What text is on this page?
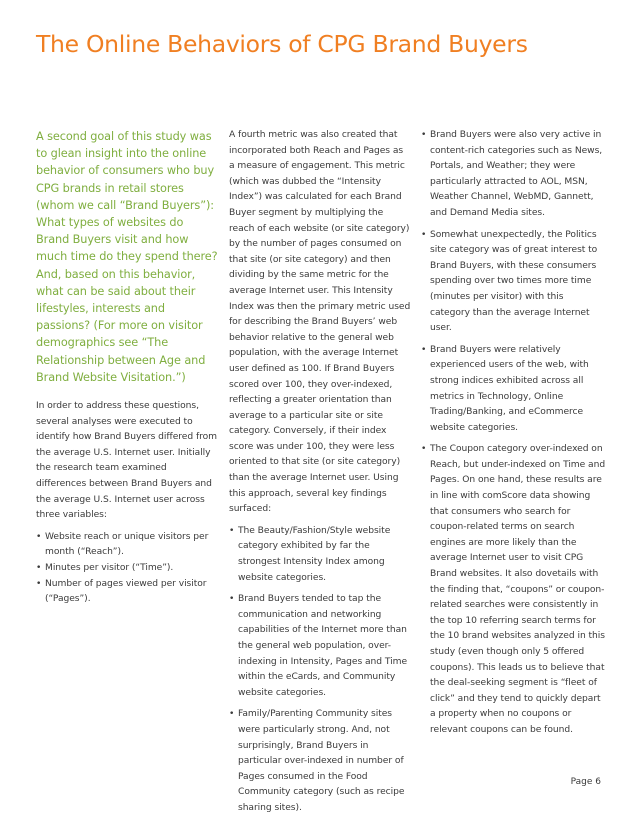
The Online Behaviors of CPG Brand Buyers

A second goal of this study was to glean insight into the online behavior of consumers who buy CPG brands in retail stores (whom we call “Brand Buyers”): What types of websites do Brand Buyers visit and how much time do they spend there? And, based on this behavior, what can be said about their lifestyles, interests and passions? (For more on visitor demographics see “The Relationship between Age and Brand Website Visitation.”)

In order to address these questions, several analyses were executed to identify how Brand Buyers differed from the average U.S. Internet user. Initially the research team examined differences between Brand Buyers and the average U.S. Internet user across three variables:

• Website reach or unique visitors per month (“Reach”).
• Minutes per visitor (“Time”).
• Number of pages viewed per visitor (“Pages”).

A fourth metric was also created that incorporated both Reach and Pages as a measure of engagement. This metric (which was dubbed the “Intensity Index”) was calculated for each Brand Buyer segment by multiplying the reach of each website (or site category) by the number of pages consumed on that site (or site category) and then dividing by the same metric for the average Internet user. This Intensity Index was then the primary metric used for describing the Brand Buyers’ web behavior relative to the general web population, with the average Internet user defined as 100. If Brand Buyers scored over 100, they over-indexed, reflecting a greater orientation than average to a particular site or site category. Conversely, if their index score was under 100, they were less oriented to that site (or site category) than the average Internet user. Using this approach, several key findings surfaced:

• The Beauty/Fashion/Style website category exhibited by far the strongest Intensity Index among website categories.
• Brand Buyers tended to tap the communication and networking capabilities of the Internet more than the general web population, over-indexing in Intensity, Pages and Time within the eCards, and Community website categories.
• Family/Parenting Community sites were particularly strong. And, not surprisingly, Brand Buyers in particular over-indexed in number of Pages consumed in the Food Community category (such as recipe sharing sites).
• Brand Buyers were also very active in content-rich categories such as News, Portals, and Weather; they were particularly attracted to AOL, MSN, Weather Channel, WebMD, Gannett, and Demand Media sites.
• Somewhat unexpectedly, the Politics site category was of great interest to Brand Buyers, with these consumers spending over two times more time (minutes per visitor) with this category than the average Internet user.
• Brand Buyers were relatively experienced users of the web, with strong indices exhibited across all metrics in Technology, Online Trading/Banking, and eCommerce website categories.
• The Coupon category over-indexed on Reach, but under-indexed on Time and Pages. On one hand, these results are in line with comScore data showing that consumers who search for coupon-related terms on search engines are more likely than the average Internet user to visit CPG Brand websites. It also dovetails with the finding that, “coupons” or coupon-related searches were consistently in the top 10 referring search terms for the 10 brand websites analyzed in this study (even though only 5 offered coupons). This leads us to believe that the deal-seeking segment is “fleet of click” and they tend to quickly depart a property when no coupons or relevant coupons can be found.
Page 6
